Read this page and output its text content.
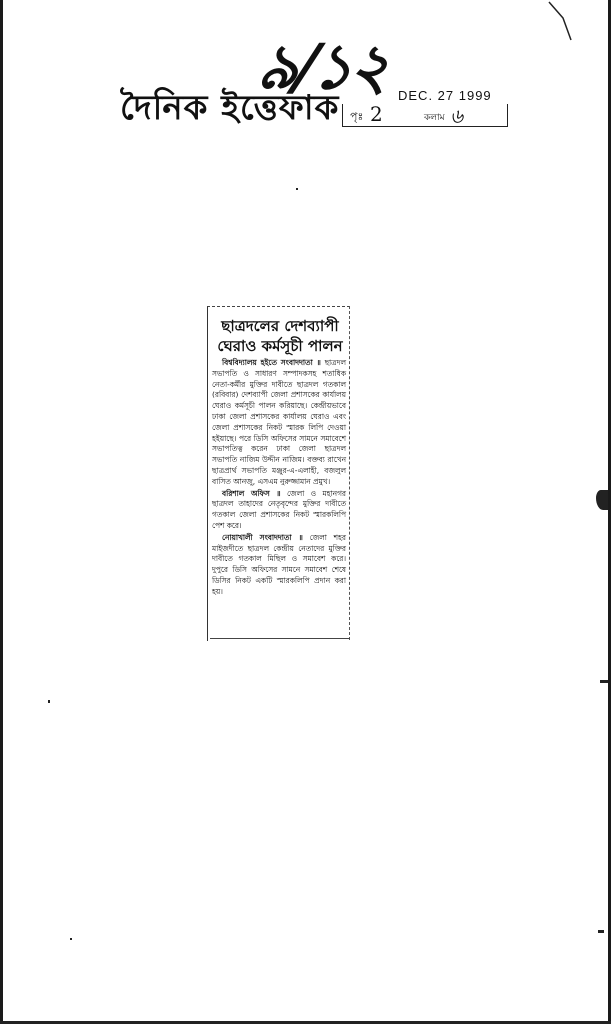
৯/১২
দৈনিক ইত্তেফাক	DEC. 27 1999
পৃঃ 2	কলাম ৬
ছাত্রদলের দেশব্যাপী
ঘেরাও কর্মসূচী পালন

বিশ্ববিদ্যালয় হইতে সংবাদদাতা ॥ ছাত্রদল সভাপতি ও সাধারণ সম্পাদকসহ শতাধিক নেতা-কর্মীর মুক্তির দাবীতে ছাত্রদল গতকাল (রবিবার) দেশব্যাপী জেলা প্রশাসকের কার্যালয় ঘেরাও কর্মসূচী পালন করিয়াছে। কেন্দ্রীয়ভাবে ঢাকা জেলা প্রশাসকের কার্যালয় ঘেরাও এবং জেলা প্রশাসকের নিকট স্মারক লিপি দেওয়া হইয়াছে। পরে ডিসি অফিসের সামনে সমাবেশে সভাপতিত্ব করেন ঢাকা জেলা ছাত্রদল সভাপতি নাজিম উদ্দীন নাজিম। বক্তব্য রাখেন ছাত্রপ্রার্থ সভাপতি মঞ্জুর-এ-এলাহী, বজলুল বাসিত আনজু, এসএম নুরুজ্জামান প্রমুখ।

বরিশাল অফিস ॥ জেলা ও মহানগর ছাত্রদল তাহাদের নেতৃবৃন্দের মুক্তির দাবীতে গতকাল জেলা প্রশাসকের নিকট স্মারকলিপি পেশ করে।

নোয়াখালী সংবাদদাতা ॥ জেলা শহর মাইজদীতে ছাত্রদল কেন্দ্রীয় নেতাদের মুক্তির দাবীতে গতকাল মিছিল ও সমাবেশ করে। দুপুরে ডিসি অফিসের সামনে সমাবেশ শেষে ডিসির নিকট একটি স্মারকলিপি প্রদান করা হয়।
